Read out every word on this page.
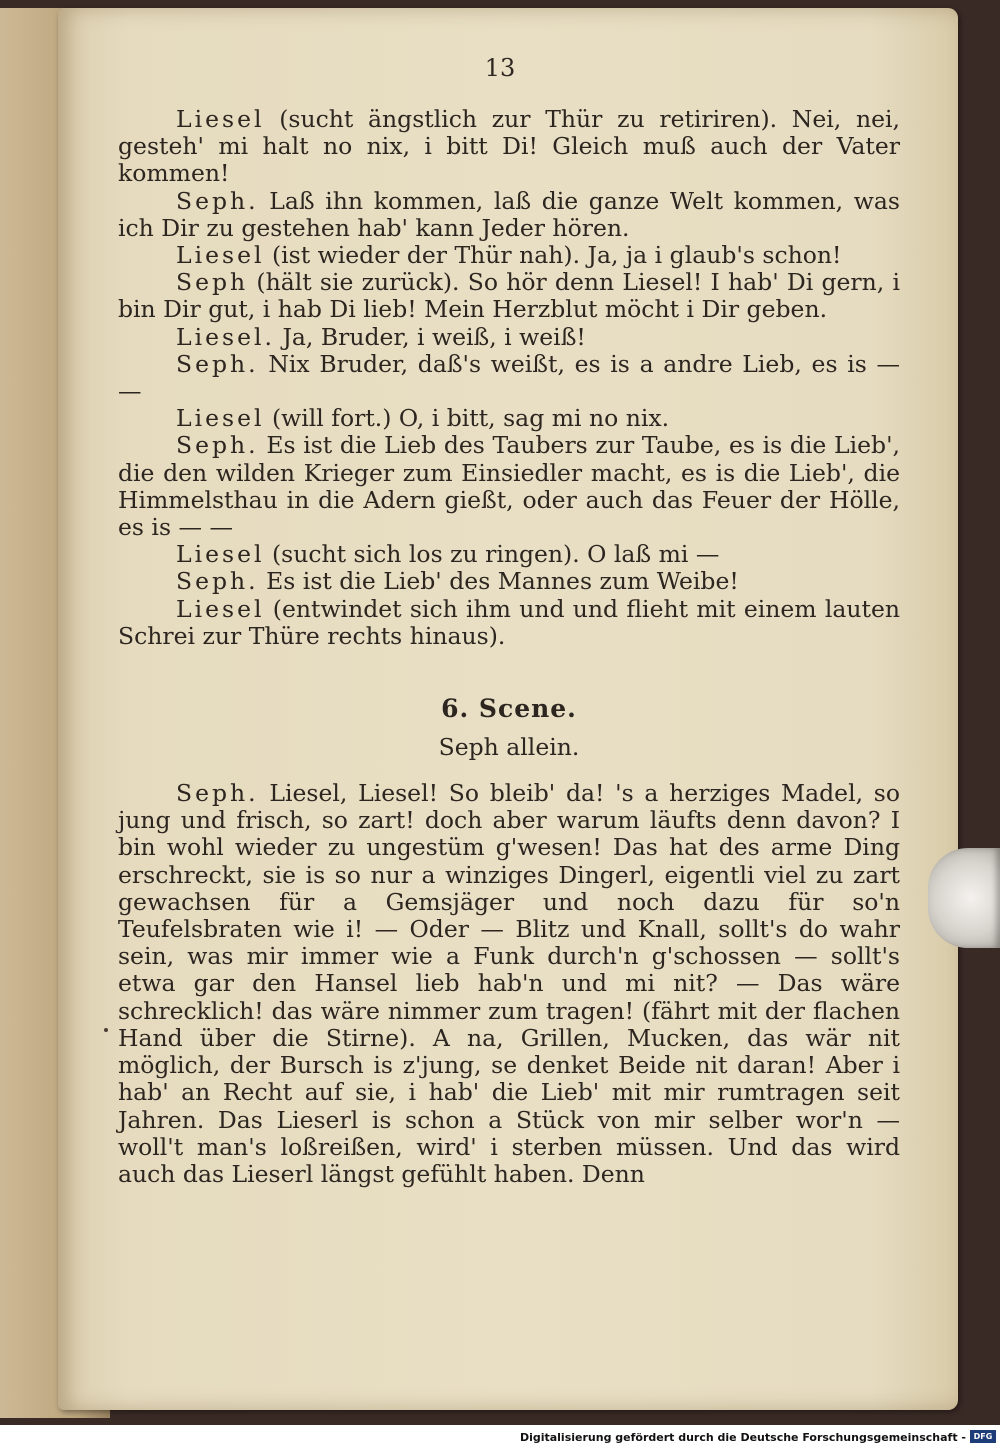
13

Liesel (sucht ängstlich zur Thür zu retiriren). Nei, nei, gesteh' mi halt no nix, i bitt Di! Gleich muß auch der Vater kommen!

Seph. Laß ihn kommen, laß die ganze Welt kommen, was ich Dir zu gestehen hab' kann Jeder hören.

Liesel (ist wieder der Thür nah). Ja, ja i glaub's schon!

Seph (hält sie zurück). So hör denn Liesel! I hab' Di gern, i bin Dir gut, i hab Di lieb! Mein Herzblut möcht i Dir geben.

Liesel. Ja, Bruder, i weiß, i weiß!

Seph. Nix Bruder, daß's weißt, es is a andre Lieb, es is — —

Liesel (will fort.) O, i bitt, sag mi no nix.

Seph. Es ist die Lieb des Taubers zur Taube, es is die Lieb', die den wilden Krieger zum Einsiedler macht, es is die Lieb', die Himmelsthau in die Adern gießt, oder auch das Feuer der Hölle, es is — —

Liesel (sucht sich los zu ringen). O laß mi —

Seph. Es ist die Lieb' des Mannes zum Weibe!

Liesel (entwindet sich ihm und und flieht mit einem lauten Schrei zur Thüre rechts hinaus).

6. Scene.
Seph allein.

Seph. Liesel, Liesel! So bleib' da! 's a herziges Madel, so jung und frisch, so zart! doch aber warum läufts denn davon? I bin wohl wieder zu ungestüm g'wesen! Das hat des arme Ding erschreckt, sie is so nur a winziges Dingerl, eigentli viel zu zart gewachsen für a Gemsjäger und noch dazu für so'n Teufelsbraten wie i! — Oder — Blitz und Knall, sollt's do wahr sein, was mir immer wie a Funk durch'n g'schossen — sollt's etwa gar den Hansel lieb hab'n und mi nit? — Das wäre schrecklich! das wäre nimmer zum tragen! (fährt mit der flachen Hand über die Stirne). A na, Grillen, Mucken, das wär nit möglich, der Bursch is z'jung, se denket Beide nit daran! Aber i hab' an Recht auf sie, i hab' die Lieb' mit mir rumtragen seit Jahren. Das Lieserl is schon a Stück von mir selber wor'n — woll't man's loßreißen, wird' i sterben müssen. Und das wird auch das Lieserl längst gefühlt haben. Denn

Digitalisierung gefördert durch die Deutsche Forschungsgemeinschaft - DFG
